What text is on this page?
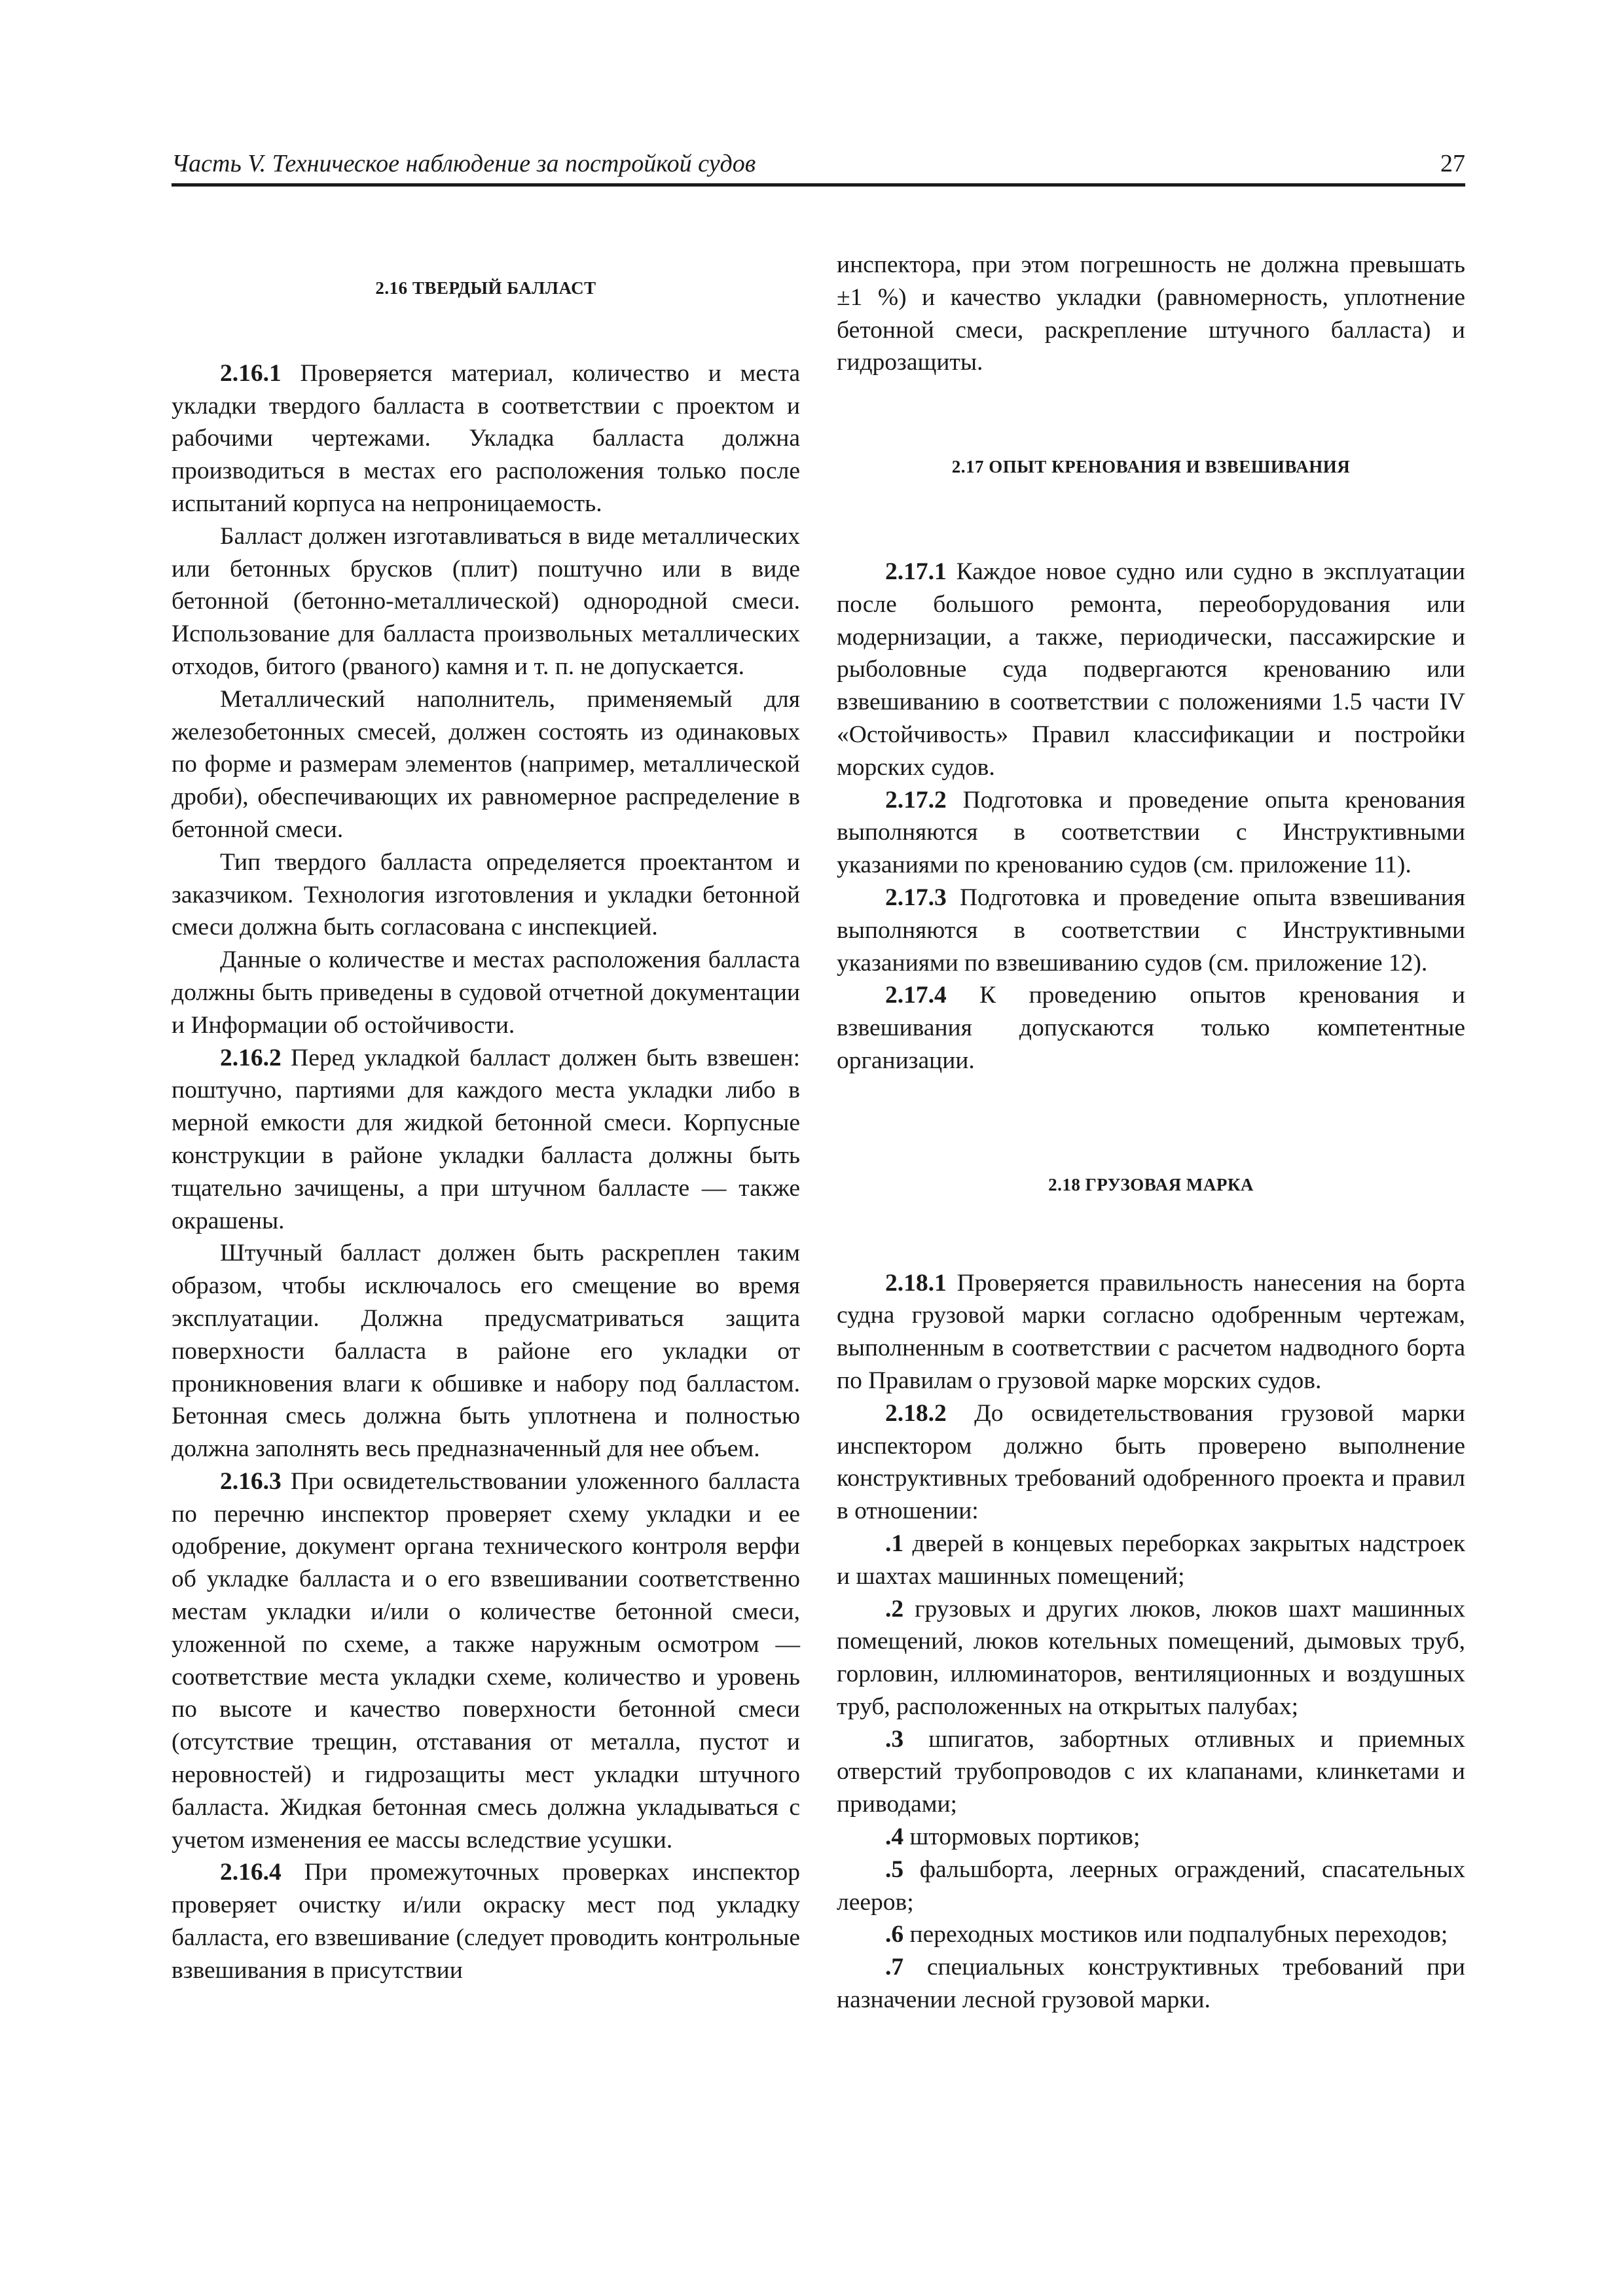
Часть V. Техническое наблюдение за постройкой судов	27
2.16 ТВЕРДЫЙ БАЛЛАСТ

2.16.1 Проверяется материал, количество и места укладки твердого балласта в соответствии с проектом и рабочими чертежами. Укладка балласта должна производиться в местах его расположения только после испытаний корпуса на непроницаемость.

Балласт должен изготавливаться в виде металлических или бетонных брусков (плит) поштучно или в виде бетонной (бетонно-металлической) однородной смеси. Использование для балласта произвольных металлических отходов, битого (рваного) камня и т. п. не допускается.

Металлический наполнитель, применяемый для железобетонных смесей, должен состоять из одинаковых по форме и размерам элементов (например, металлической дроби), обеспечивающих их равномерное распределение в бетонной смеси.

Тип твердого балласта определяется проектантом и заказчиком. Технология изготовления и укладки бетонной смеси должна быть согласована с инспекцией.

Данные о количестве и местах расположения балласта должны быть приведены в судовой отчетной документации и Информации об остойчивости.

2.16.2 Перед укладкой балласт должен быть взвешен: поштучно, партиями для каждого места укладки либо в мерной емкости для жидкой бетонной смеси. Корпусные конструкции в районе укладки балласта должны быть тщательно зачищены, а при штучном балласте — также окрашены.

Штучный балласт должен быть раскреплен таким образом, чтобы исключалось его смещение во время эксплуатации. Должна предусматриваться защита поверхности балласта в районе его укладки от проникновения влаги к обшивке и набору под балластом. Бетонная смесь должна быть уплотнена и полностью должна заполнять весь предназначенный для нее объем.

2.16.3 При освидетельствовании уложенного балласта по перечню инспектор проверяет схему укладки и ее одобрение, документ органа технического контроля верфи об укладке балласта и о его взвешивании соответственно местам укладки и/или о количестве бетонной смеси, уложенной по схеме, а также наружным осмотром — соответствие места укладки схеме, количество и уровень по высоте и качество поверхности бетонной смеси (отсутствие трещин, отставания от металла, пустот и неровностей) и гидрозащиты мест укладки штучного балласта. Жидкая бетонная смесь должна укладываться с учетом изменения ее массы вследствие усушки.

2.16.4 При промежуточных проверках инспектор проверяет очистку и/или окраску мест под укладку балласта, его взвешивание (следует проводить контрольные взвешивания в присутствии

инспектора, при этом погрешность не должна превышать ±1 %) и качество укладки (равномерность, уплотнение бетонной смеси, раскрепление штучного балласта) и гидрозащиты.

2.17 ОПЫТ КРЕНОВАНИЯ И ВЗВЕШИВАНИЯ

2.17.1 Каждое новое судно или судно в эксплуатации после большого ремонта, переоборудования или модернизации, а также, периодически, пассажирские и рыболовные суда подвергаются кренованию или взвешиванию в соответствии с положениями 1.5 части IV «Остойчивость» Правил классификации и постройки морских судов.

2.17.2 Подготовка и проведение опыта кренования выполняются в соответствии с Инструктивными указаниями по кренованию судов (см. приложение 11).

2.17.3 Подготовка и проведение опыта взвешивания выполняются в соответствии с Инструктивными указаниями по взвешиванию судов (см. приложение 12).

2.17.4 К проведению опытов кренования и взвешивания допускаются только компетентные организации.

2.18 ГРУЗОВАЯ МАРКА

2.18.1 Проверяется правильность нанесения на борта судна грузовой марки согласно одобренным чертежам, выполненным в соответствии с расчетом надводного борта по Правилам о грузовой марке морских судов.

2.18.2 До освидетельствования грузовой марки инспектором должно быть проверено выполнение конструктивных требований одобренного проекта и правил в отношении:

.1 дверей в концевых переборках закрытых надстроек и шахтах машинных помещений;

.2 грузовых и других люков, люков шахт машинных помещений, люков котельных помещений, дымовых труб, горловин, иллюминаторов, вентиляционных и воздушных труб, расположенных на открытых палубах;

.3 шпигатов, забортных отливных и приемных отверстий трубопроводов с их клапанами, клинкетами и приводами;

.4 штормовых портиков;

.5 фальшборта, леерных ограждений, спасательных лееров;

.6 переходных мостиков или подпалубных переходов;

.7 специальных конструктивных требований при назначении лесной грузовой марки.
